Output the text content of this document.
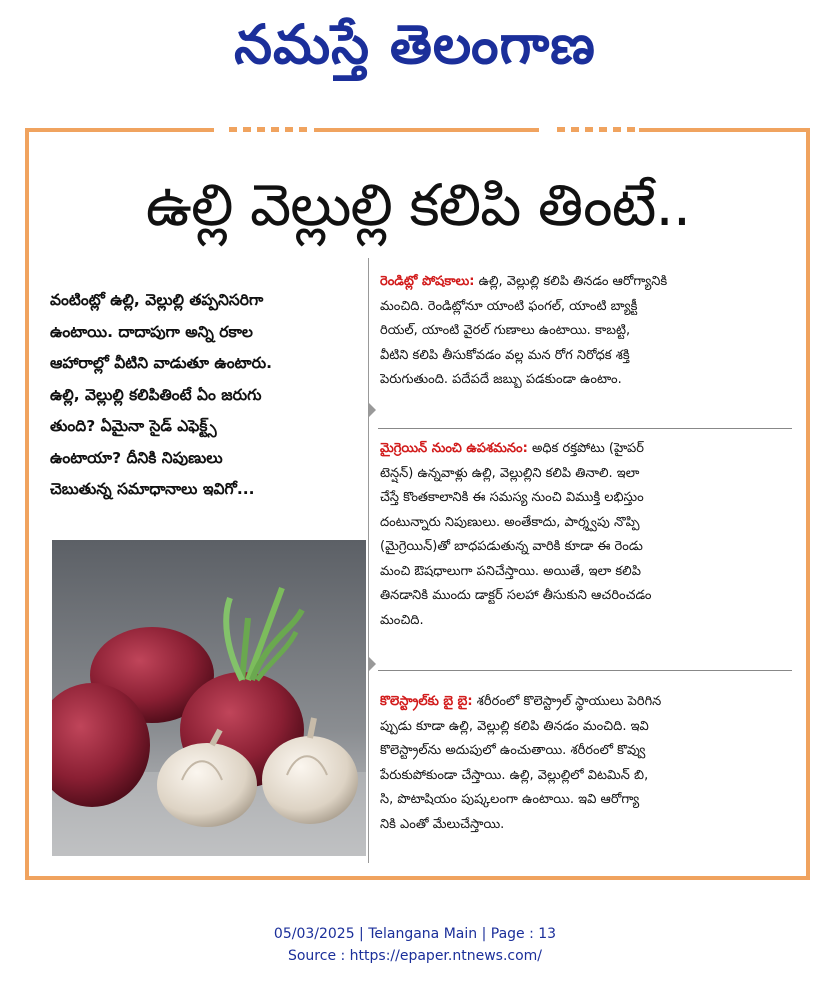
నమస్తే తెలంగాణ
ఉల్లి వెల్లుల్లి కలిపి తింటే..
వంటింట్లో ఉల్లి, వెల్లుల్లి తప్పనిసరిగా
ఉంటాయి. దాదాపుగా అన్ని రకాల
ఆహారాల్లో వీటిని వాడుతూ ఉంటారు.
ఉల్లి, వెల్లుల్లి కలిపితింటే ఏం జరుగు
తుంది? ఏమైనా సైడ్ ఎఫెక్ట్స్
ఉంటాయా? దీనికి నిపుణులు
చెబుతున్న సమాధానాలు ఇవిగో...
రెండిట్లో పోషకాలు: ఉల్లి, వెల్లుల్లి కలిపి తినడం ఆరోగ్యానికి
మంచిది. రెండిట్లోనూ యాంటి ఫంగల్, యాంటి బ్యాక్టీ
రియల్, యాంటి వైరల్ గుణాలు ఉంటాయి. కాబట్టి,
వీటిని కలిపి తీసుకోవడం వల్ల మన రోగ నిరోధక శక్తి
పెరుగుతుంది. పదేపదే జబ్బు పడకుండా ఉంటాం.
మైగ్రెయిన్ నుంచి ఉపశమనం: అధిక రక్తపోటు (హైపర్
టెన్షన్) ఉన్నవాళ్లు ఉల్లి, వెల్లుల్లిని కలిపి తినాలి. ఇలా
చేస్తే కొంతకాలానికి ఈ సమస్య నుంచి విముక్తి లభిస్తుం
దంటున్నారు నిపుణులు. అంతేకాదు, పార్శ్వపు నొప్పి
(మైగ్రెయిన్)తో బాధపడుతున్న వారికి కూడా ఈ రెండు
మంచి ఔషధాలుగా పనిచేస్తాయి. అయితే, ఇలా కలిపి
తినడానికి ముందు డాక్టర్ సలహా తీసుకుని ఆచరించడం
మంచిది.
కొలెస్ట్రాల్‌కు బై బై: శరీరంలో కొలెస్ట్రాల్ స్థాయులు పెరిగిన
ప్పుడు కూడా ఉల్లి, వెల్లుల్లి కలిపి తినడం మంచిది. ఇవి
కొలెస్ట్రాల్‌ను అదుపులో ఉంచుతాయి. శరీరంలో కొవ్వు
పేరుకుపోకుండా చేస్తాయి. ఉల్లి, వెల్లుల్లిలో విటమిన్ బి,
సి, పొటాషియం పుష్కలంగా ఉంటాయి. ఇవి ఆరోగ్యా
నికి ఎంతో మేలుచేస్తాయి.
05/03/2025 | Telangana Main | Page : 13
Source : https://epaper.ntnews.com/
